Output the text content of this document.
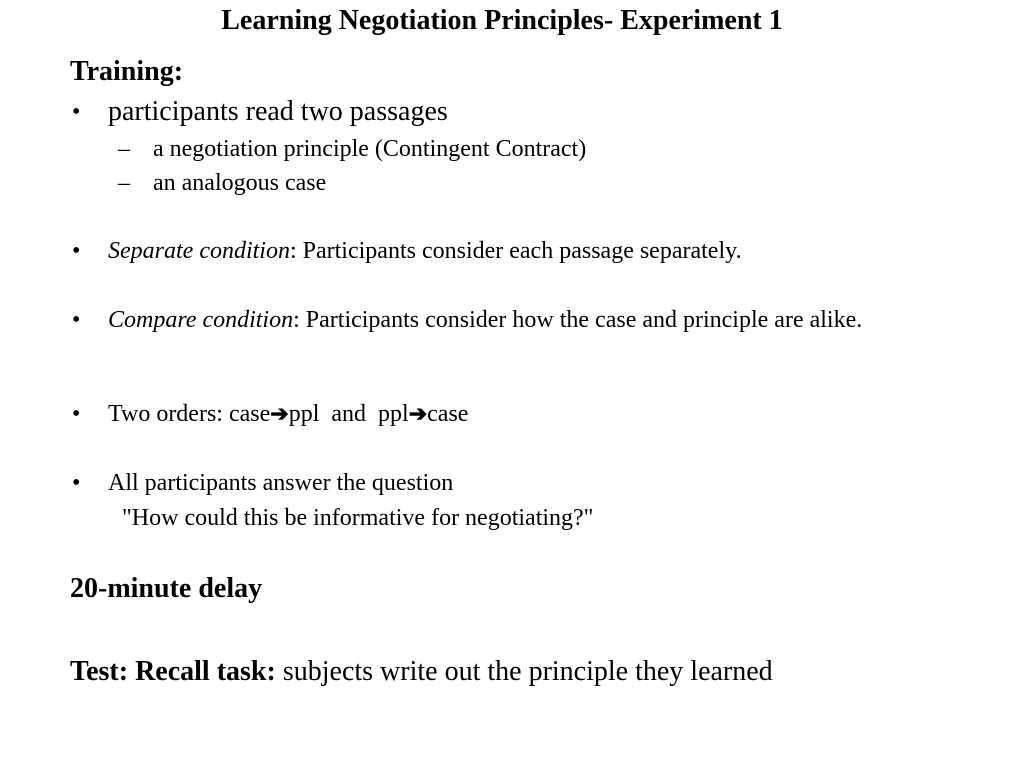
Learning Negotiation Principles- Experiment 1
Training:
• participants read two passages
– a negotiation principle (Contingent Contract)
– an analogous case
• Separate condition: Participants consider each passage separately.
• Compare condition: Participants consider how the case and principle are alike.
• Two orders: case➔ppl  and  ppl➔case
• All participants answer the question
"How could this be informative for negotiating?"
20-minute delay
Test: Recall task: subjects write out the principle they learned
